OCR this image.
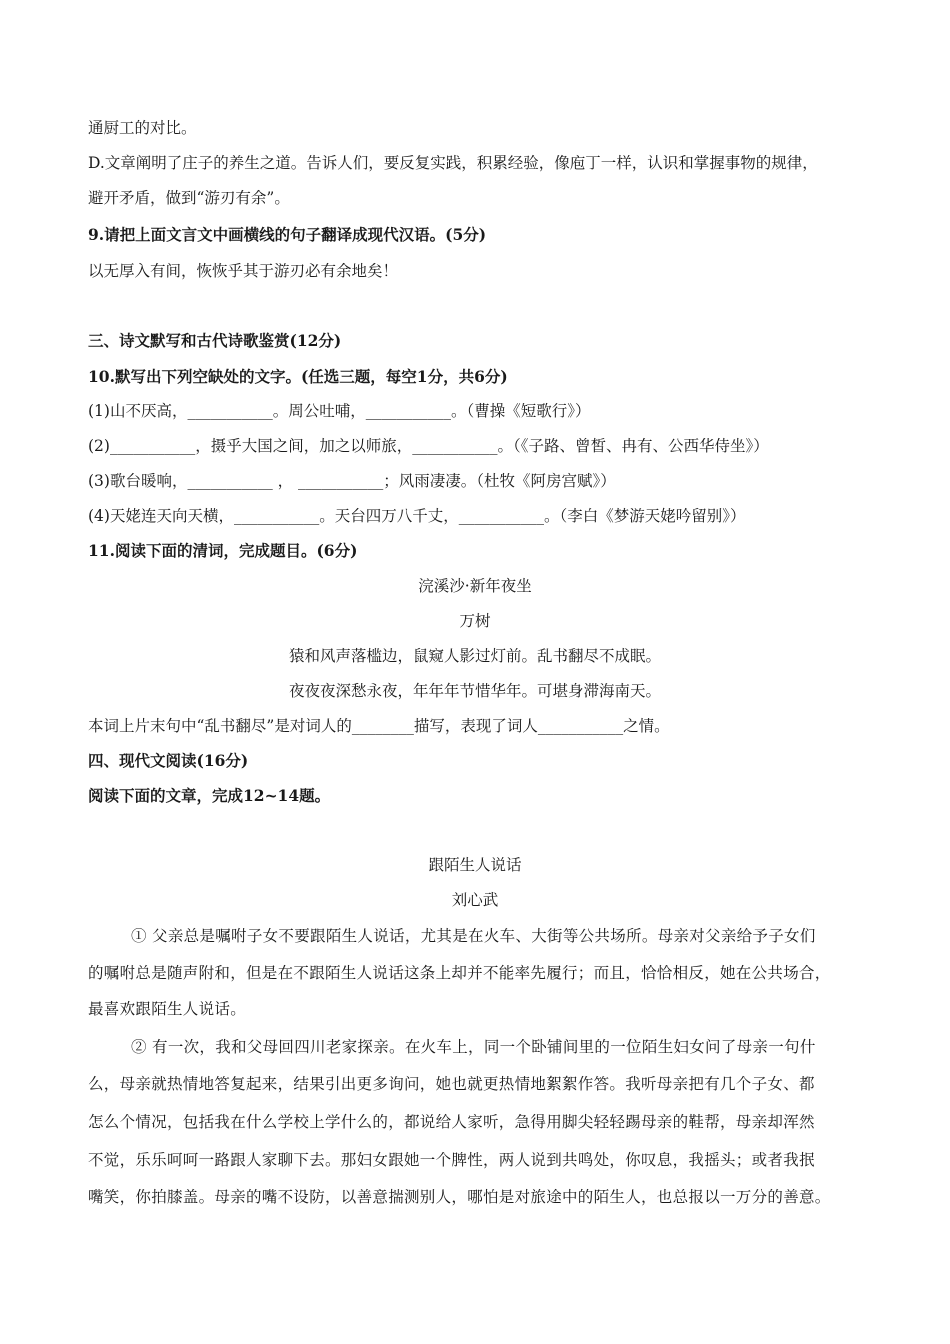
通厨工的对比。
D.文章阐明了庄子的养生之道。告诉人们，要反复实践，积累经验，像庖丁一样，认识和掌握事物的规律，
避开矛盾，做到“游刃有余”。
9.请把上面文言文中画横线的句子翻译成现代汉语。(5分)
以无厚入有间，恢恢乎其于游刃必有余地矣！
三、诗文默写和古代诗歌鉴赏(12分)
10.默写出下列空缺处的文字。(任选三题，每空1分，共6分)
(1)山不厌高，___________。周公吐哺，___________。（曹操《短歌行》）
(2)___________，摄乎大国之间，加之以师旅，___________。（《子路、曾皙、冉有、公西华侍坐》）
(3)歌台暖响，___________ ， ___________；风雨凄凄。（杜牧《阿房宫赋》）
(4)天姥连天向天横，___________。天台四万八千丈，___________。（李白《梦游天姥吟留别》）
11.阅读下面的清词，完成题目。(6分)
浣溪沙·新年夜坐
万树
猿和风声落槛边，鼠窥人影过灯前。乱书翻尽不成眠。
夜夜夜深愁永夜，年年年节惜华年。可堪身滞海南天。
本词上片末句中“乱书翻尽”是对词人的________描写，表现了词人___________之情。
四、现代文阅读(16分)
阅读下面的文章，完成12~14题。
跟陌生人说话
刘心武
① 父亲总是嘱咐子女不要跟陌生人说话，尤其是在火车、大街等公共场所。母亲对父亲给予子女们
的嘱咐总是随声附和，但是在不跟陌生人说话这条上却并不能率先履行；而且，恰恰相反，她在公共场合，
最喜欢跟陌生人说话。
② 有一次，我和父母回四川老家探亲。在火车上，同一个卧铺间里的一位陌生妇女问了母亲一句什
么，母亲就热情地答复起来，结果引出更多询问，她也就更热情地絮絮作答。我听母亲把有几个子女、都
怎么个情况，包括我在什么学校上学什么的，都说给人家听，急得用脚尖轻轻踢母亲的鞋帮，母亲却浑然
不觉，乐乐呵呵一路跟人家聊下去。那妇女跟她一个脾性，两人说到共鸣处，你叹息，我摇头；或者我抿
嘴笑，你拍膝盖。母亲的嘴不设防，以善意揣测别人，哪怕是对旅途中的陌生人，也总报以一万分的善意。
